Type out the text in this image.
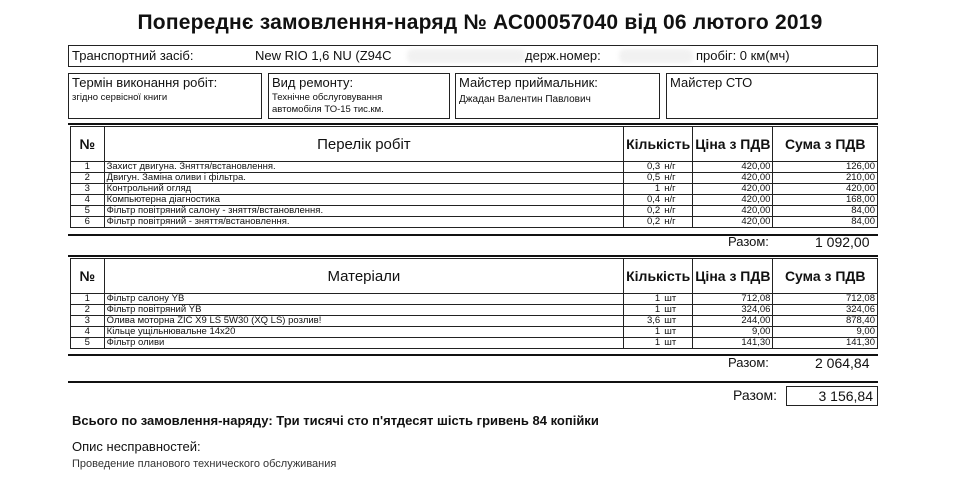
Попереднє замовлення-наряд № АС00057040 від 06 лютого 2019
Транспортний засіб:	New RIO 1,6 NU (Z94C	держ.номер:	пробіг: 0 км(мч)
Термін виконання робіт:
згідно сервісної книги
Вид ремонту:
Технічне обслуговування
автомобіля ТО-15 тис.км.
Майстер приймальник:
Джадан Валентин Павлович
Майстер СТО
№	Перелік робіт	Кількість		Ціна з ПДВ	Сума з ПДВ
1	Захист двигуна. Зняття/встановлення.	0,3	н/г	420,00	126,00
2	Двигун. Заміна оливи і фільтра.	0,5	н/г	420,00	210,00
3	Контрольний огляд	1	н/г	420,00	420,00
4	Компьютерна діагностика	0,4	н/г	420,00	168,00
5	Фільтр повітряний салону - зняття/встановлення.	0,2	н/г	420,00	84,00
6	Фільтр повітряний - зняття/встановлення.	0,2	н/г	420,00	84,00
Разом:	1 092,00
№	Матеріали	Кількість		Ціна з ПДВ	Сума з ПДВ
1	Фільтр салону YB	1	шт	712,08	712,08
2	Фільтр повітряний YB	1	шт	324,06	324,06
3	Олива моторна ZIC X9 LS 5W30 (XQ LS) розлив!	3,6	шт	244,00	878,40
4	Кільце ущільнювальне 14х20	1	шт	9,00	9,00
5	Фільтр оливи	1	шт	141,30	141,30
Разом:	2 064,84
Разом:	3 156,84
Всього по замовлення-наряду: Три тисячі сто п'ятдесят шість гривень 84 копійки
Опис несправностей:
Проведение планового технического обслуживания
